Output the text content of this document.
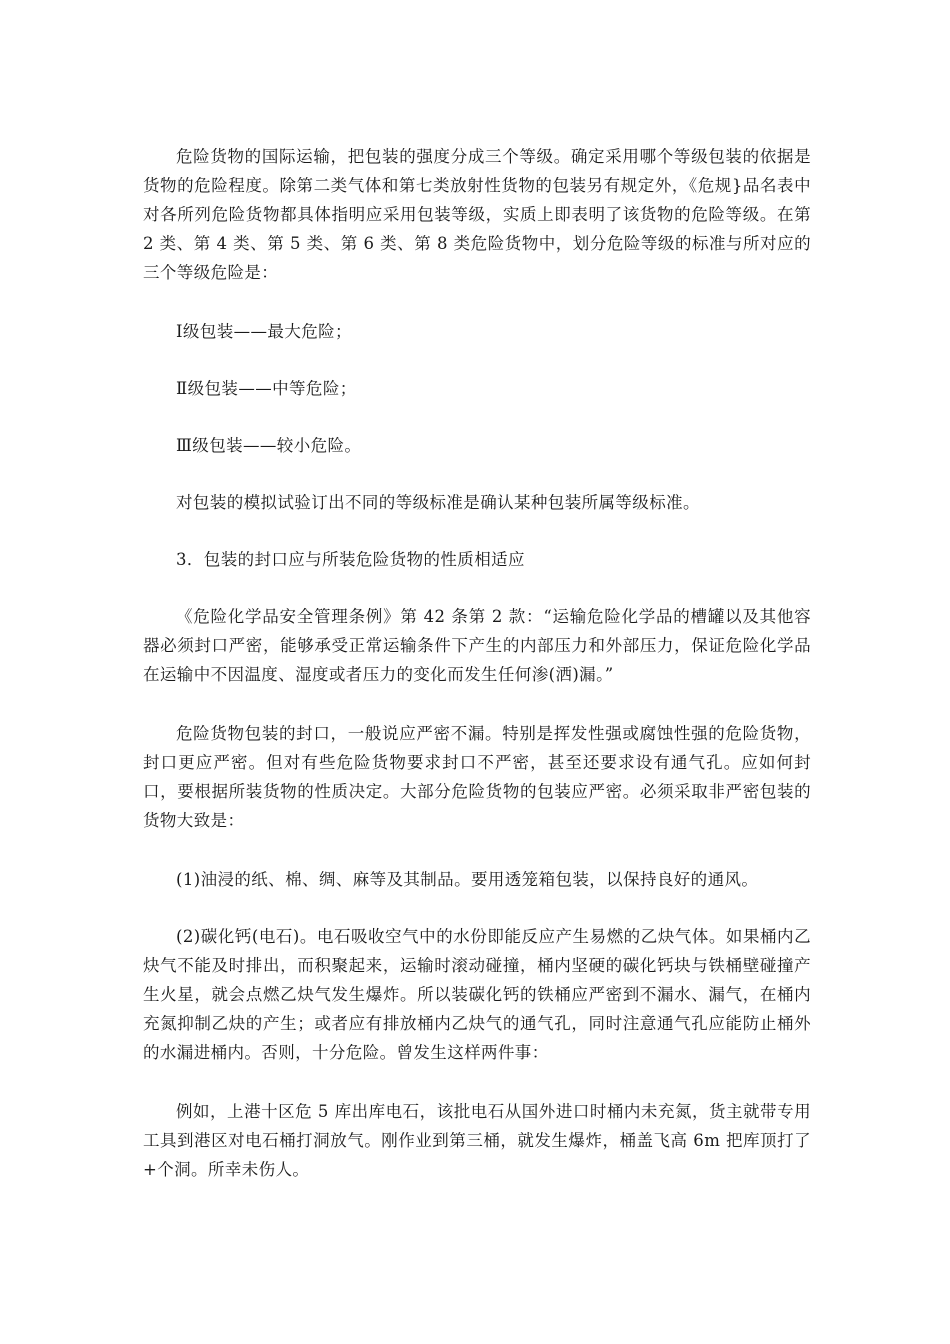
危险货物的国际运输，把包装的强度分成三个等级。确定采用哪个等级包装的依据是货物的危险程度。除第二类气体和第七类放射性货物的包装另有规定外，《危规}品名表中对各所列危险货物都具体指明应采用包装等级，实质上即表明了该货物的危险等级。在第 2 类、第 4 类、第 5 类、第 6 类、第 8 类危险货物中，划分危险等级的标准与所对应的三个等级危险是：

Ⅰ级包装——最大危险；

Ⅱ级包装——中等危险；

Ⅲ级包装——较小危险。

对包装的模拟试验订出不同的等级标准是确认某种包装所属等级标准。

3．包装的封口应与所装危险货物的性质相适应

《危险化学品安全管理条例》第 42 条第 2 款：“运输危险化学品的槽罐以及其他容器必须封口严密，能够承受正常运输条件下产生的内部压力和外部压力，保证危险化学品在运输中不因温度、湿度或者压力的变化而发生任何渗(洒)漏。”

危险货物包装的封口，一般说应严密不漏。特别是挥发性强或腐蚀性强的危险货物，封口更应严密。但对有些危险货物要求封口不严密，甚至还要求设有通气孔。应如何封口，要根据所装货物的性质决定。大部分危险货物的包装应严密。必须采取非严密包装的货物大致是：

(1)油浸的纸、棉、绸、麻等及其制品。要用透笼箱包装，以保持良好的通风。

(2)碳化钙(电石)。电石吸收空气中的水份即能反应产生易燃的乙炔气体。如果桶内乙炔气不能及时排出，而积聚起来，运输时滚动碰撞，桶内坚硬的碳化钙块与铁桶壁碰撞产生火星，就会点燃乙炔气发生爆炸。所以装碳化钙的铁桶应严密到不漏水、漏气，在桶内充氮抑制乙炔的产生；或者应有排放桶内乙炔气的通气孔，同时注意通气孔应能防止桶外的水漏进桶内。否则，十分危险。曾发生这样两件事：

例如，上港十区危 5 库出库电石，该批电石从国外进口时桶内未充氮，货主就带专用工具到港区对电石桶打洞放气。刚作业到第三桶，就发生爆炸，桶盖飞高 6m 把库顶打了+个洞。所幸未伤人。
